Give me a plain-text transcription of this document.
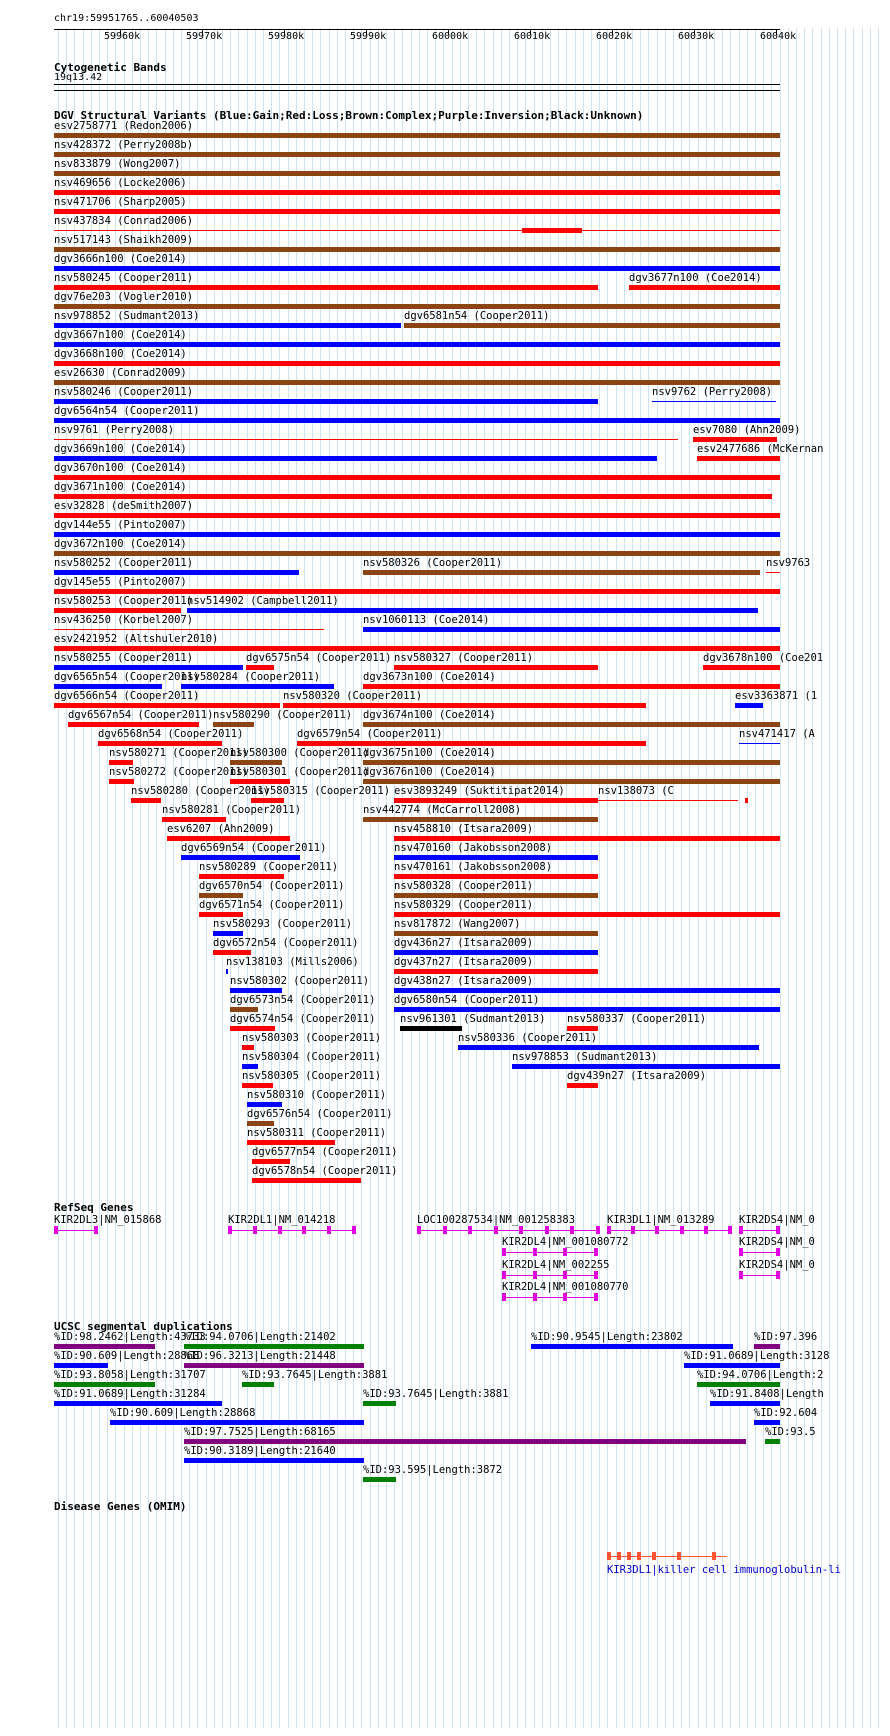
chr19:59951765..60040503
59960k	59970k	59980k	59990k	60000k	60010k	60020k	60030k	60040k
Cytogenetic Bands
19q13.42
DGV Structural Variants (Blue:Gain;Red:Loss;Brown:Complex;Purple:Inversion;Black:Unknown)
esv2758771 (Redon2006)
nsv428372 (Perry2008b)
nsv833879 (Wong2007)
nsv469656 (Locke2006)
nsv471706 (Sharp2005)
nsv437834 (Conrad2006)
nsv517143 (Shaikh2009)
dgv3666n100 (Coe2014)
nsv580245 (Cooper2011)	dgv3677n100 (Coe2014)
dgv76e203 (Vogler2010)
nsv978852 (Sudmant2013)	dgv6581n54 (Cooper2011)
dgv3667n100 (Coe2014)
dgv3668n100 (Coe2014)
esv26630 (Conrad2009)
nsv580246 (Cooper2011)	nsv9762 (Perry2008)
dgv6564n54 (Cooper2011)
nsv9761 (Perry2008)	esv7080 (Ahn2009)
dgv3669n100 (Coe2014)	esv2477686 (McKernan
dgv3670n100 (Coe2014)
dgv3671n100 (Coe2014)
esv32828 (deSmith2007)
dgv144e55 (Pinto2007)
dgv3672n100 (Coe2014)
nsv580252 (Cooper2011)	nsv580326 (Cooper2011)	nsv9763
dgv145e55 (Pinto2007)
nsv580253 (Cooper2011)
nsv514902 (Campbell2011)
nsv436250 (Korbel2007)	nsv1060113 (Coe2014)
esv2421952 (Altshuler2010)
nsv580255 (Cooper2011)	dgv6575n54 (Cooper2011) nsv580327 (Cooper2011)	dgv3678n100 (Coe201
dgv6565n54 (Cooper2011)
nsv580284 (Cooper2011)	dgv3673n100 (Coe2014)
dgv6566n54 (Cooper2011)	nsv580320 (Cooper2011)	esv3363871 (1
dgv6567n54 (Cooper2011) nsv580290 (Cooper2011) dgv3674n100 (Coe2014)
dgv6568n54 (Cooper2011)	dgv6579n54 (Cooper2011)	nsv471417 (A
nsv580271 (Cooper2011)
nsv580300 (Cooper2011)
dgv3675n100 (Coe2014)
nsv580272 (Cooper2011)
nsv580301 (Cooper2011)
dgv3676n100 (Coe2014)
nsv580280 (Cooper2011)
nsv580315 (Cooper2011) esv3893249 (Suktitipat2014)	nsv138073 (C
nsv580281 (Cooper2011)	nsv442774 (McCarroll2008)
esv6207 (Ahn2009)	nsv458810 (Itsara2009)
dgv6569n54 (Cooper2011)	nsv470160 (Jakobsson2008)
nsv580289 (Cooper2011)	nsv470161 (Jakobsson2008)
dgv6570n54 (Cooper2011)	nsv580328 (Cooper2011)
dgv6571n54 (Cooper2011)	nsv580329 (Cooper2011)
nsv580293 (Cooper2011)	nsv817872 (Wang2007)
dgv6572n54 (Cooper2011)	dgv436n27 (Itsara2009)
nsv138103 (Mills2006)	dgv437n27 (Itsara2009)
nsv580302 (Cooper2011) dgv438n27 (Itsara2009)
dgv6573n54 (Cooper2011) dgv6580n54 (Cooper2011)
dgv6574n54 (Cooper2011) nsv961301 (Sudmant2013) nsv580337 (Cooper2011)
nsv580303 (Cooper2011)	nsv580336 (Cooper2011)
nsv580304 (Cooper2011)	nsv978853 (Sudmant2013)
nsv580305 (Cooper2011)	dgv439n27 (Itsara2009)
nsv580310 (Cooper2011)
dgv6576n54 (Cooper2011)
nsv580311 (Cooper2011)
dgv6577n54 (Cooper2011)
dgv6578n54 (Cooper2011)
RefSeq Genes
KIR2DL3|NM_015868	KIR2DL1|NM_014218	LOC100287534|NM_001258383	KIR3DL1|NM_013289 KIR2DS4|NM_0
KIR2DL4|NM_001080772	KIR2DS4|NM_0
KIR2DL4|NM_002255	KIR2DS4|NM_0
KIR2DL4|NM_001080770
UCSC segmental duplications
%ID:98.2462|Length:43733
%ID:94.0706|Length:21402	%ID:90.9545|Length:23802	%ID:97.396
%ID:90.609|Length:28868
%ID:96.3213|Length:21448	%ID:91.0689|Length:3128
%ID:93.8058|Length:31707	%ID:93.7645|Length:3881	%ID:94.0706|Length:2
%ID:91.0689|Length:31284	%ID:93.7645|Length:3881	%ID:91.8408|Length
%ID:90.609|Length:28868	%ID:92.604
%ID:97.7525|Length:68165	%ID:93.5
%ID:90.3189|Length:21640
%ID:93.595|Length:3872
Disease Genes (OMIM)
KIR3DL1|killer cell immunoglobulin-li
